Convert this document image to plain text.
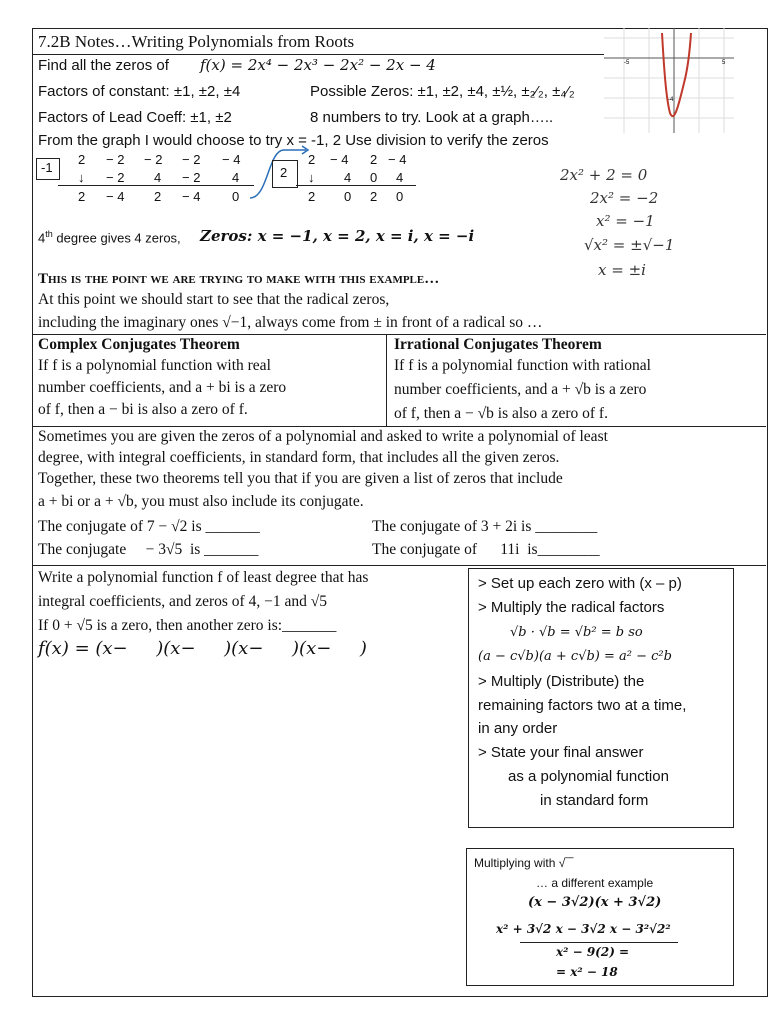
7.2B Notes…Writing Polynomials from Roots
-5	5
-4
Find all the zeros of f(x) = 2x⁴ − 2x³ − 2x² − 2x − 4
Factors of constant: ±1, ±2, ±4	Possible Zeros: ±1, ±2, ±4, ±½, ±₂⁄₂, ±₄⁄₂
Factors of Lead Coeff: ±1, ±2	8 numbers to try. Look at a graph…..
From the graph I would choose to try x = -1, 2 Use division to verify the zeros
-1
2 − 2 − 2 − 2 − 4
↓ − 2 4 − 2 4
2 − 4 2 − 4 0
2
2 − 4 2 − 4
↓ 4 0 4
2 0 2 0
2x² + 2 = 0
2x² = −2
x² = −1
√x² = ±√−1
x = ±i
4th degree gives 4 zeros, Zeros: x = −1, x = 2, x = i, x = −i
This is the point we are trying to make with this example…
At this point we should start to see that the radical zeros,
including the imaginary ones √−1, always come from ± in front of a radical so …
Complex Conjugates Theorem
If f is a polynomial function with real
number coefficients, and a + bi is a zero
of f, then a − bi is also a zero of f.
Irrational Conjugates Theorem
If f is a polynomial function with rational
number coefficients, and a + √b is a zero
of f, then a − √b is also a zero of f.
Sometimes you are given the zeros of a polynomial and asked to write a polynomial of least
degree, with integral coefficients, in standard form, that includes all the given zeros.
Together, these two theorems tell you that if you are given a list of zeros that include
a + bi or a + √b, you must also include its conjugate.
The conjugate of 7 − √2 is _______	The conjugate of 3 + 2i is ________
The conjugate     − 3√5  is _______	The conjugate of      11i  is________
Write a polynomial function f of least degree that has
integral coefficients, and zeros of 4, −1 and √5
If 0 + √5 is a zero, then another zero is:_______
f(x) = (x−     )(x−     )(x−     )(x−     )
> Set up each zero with (x – p)
> Multiply the radical factors
√b · √b = √b² = b so
(a − c√b)(a + c√b) = a² − c²b
> Multiply (Distribute) the
remaining factors two at a time,
in any order
> State your final answer
as a polynomial function
in standard form
Multiplying with √‾‾
… a different example
(x − 3√2)(x + 3√2)
x² + 3√2 x − 3√2 x − 3²√2²
x² − 9(2) =
= x² − 18
